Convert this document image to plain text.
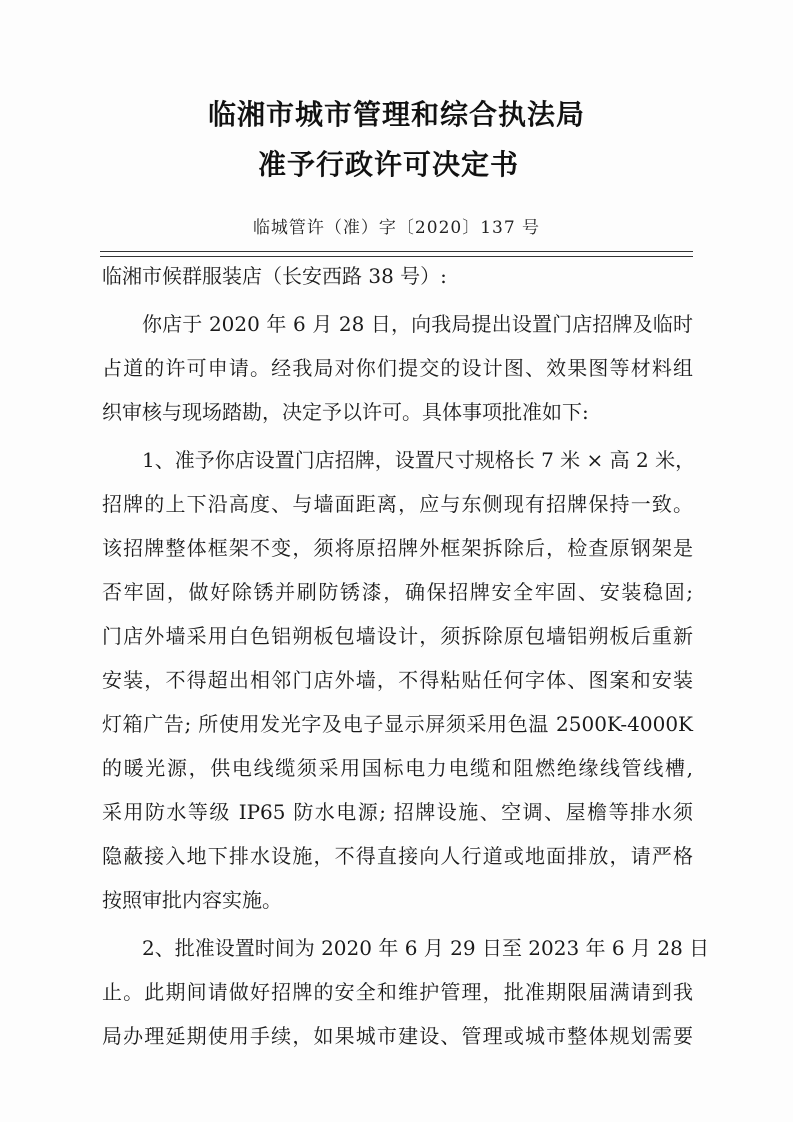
临湘市城市管理和综合执法局
准予行政许可决定书
临城管许（准）字〔2020〕137 号
临湘市候群服装店（长安西路 38 号）:
你店于 2020 年 6 月 28 日，向我局提出设置门店招牌及临时
占道的许可申请。经我局对你们提交的设计图、效果图等材料组
织审核与现场踏勘，决定予以许可。具体事项批准如下:
1、准予你店设置门店招牌，设置尺寸规格长 7 米 × 高 2 米，
招牌的上下沿高度、与墙面距离，应与东侧现有招牌保持一致。
该招牌整体框架不变，须将原招牌外框架拆除后，检查原钢架是
否牢固，做好除锈并刷防锈漆，确保招牌安全牢固、安装稳固;
门店外墙采用白色铝朔板包墙设计，须拆除原包墙铝朔板后重新
安装，不得超出相邻门店外墙，不得粘贴任何字体、图案和安装
灯箱广告; 所使用发光字及电子显示屏须采用色温 2500K-4000K
的暖光源，供电线缆须采用国标电力电缆和阻燃绝缘线管线槽,
采用防水等级 IP65 防水电源; 招牌设施、空调、屋檐等排水须
隐蔽接入地下排水设施，不得直接向人行道或地面排放，请严格
按照审批内容实施。
2、批准设置时间为 2020 年 6 月 29 日至 2023 年 6 月 28 日
止。此期间请做好招牌的安全和维护管理，批准期限届满请到我
局办理延期使用手续，如果城市建设、管理或城市整体规划需要
